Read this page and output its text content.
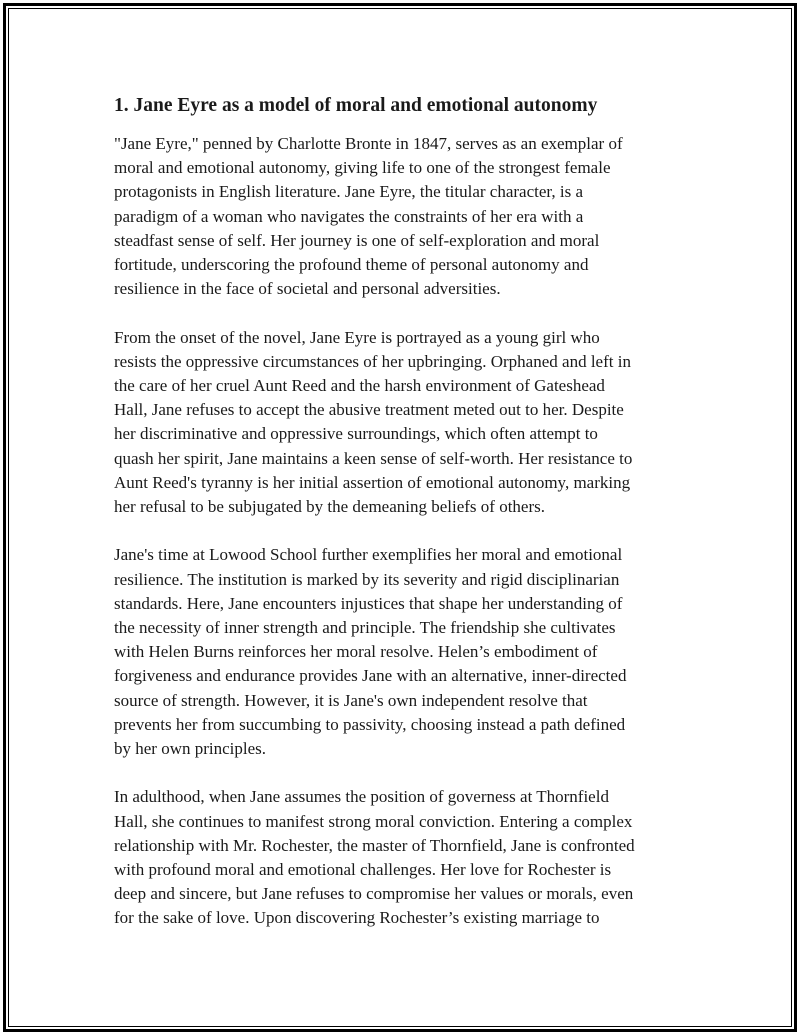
1. Jane Eyre as a model of moral and emotional autonomy

"Jane Eyre," penned by Charlotte Bronte in 1847, serves as an exemplar of
moral and emotional autonomy, giving life to one of the strongest female
protagonists in English literature. Jane Eyre, the titular character, is a
paradigm of a woman who navigates the constraints of her era with a
steadfast sense of self. Her journey is one of self-exploration and moral
fortitude, underscoring the profound theme of personal autonomy and
resilience in the face of societal and personal adversities.

From the onset of the novel, Jane Eyre is portrayed as a young girl who
resists the oppressive circumstances of her upbringing. Orphaned and left in
the care of her cruel Aunt Reed and the harsh environment of Gateshead
Hall, Jane refuses to accept the abusive treatment meted out to her. Despite
her discriminative and oppressive surroundings, which often attempt to
quash her spirit, Jane maintains a keen sense of self-worth. Her resistance to
Aunt Reed's tyranny is her initial assertion of emotional autonomy, marking
her refusal to be subjugated by the demeaning beliefs of others.

Jane's time at Lowood School further exemplifies her moral and emotional
resilience. The institution is marked by its severity and rigid disciplinarian
standards. Here, Jane encounters injustices that shape her understanding of
the necessity of inner strength and principle. The friendship she cultivates
with Helen Burns reinforces her moral resolve. Helen’s embodiment of
forgiveness and endurance provides Jane with an alternative, inner-directed
source of strength. However, it is Jane's own independent resolve that
prevents her from succumbing to passivity, choosing instead a path defined
by her own principles.

In adulthood, when Jane assumes the position of governess at Thornfield
Hall, she continues to manifest strong moral conviction. Entering a complex
relationship with Mr. Rochester, the master of Thornfield, Jane is confronted
with profound moral and emotional challenges. Her love for Rochester is
deep and sincere, but Jane refuses to compromise her values or morals, even
for the sake of love. Upon discovering Rochester’s existing marriage to
